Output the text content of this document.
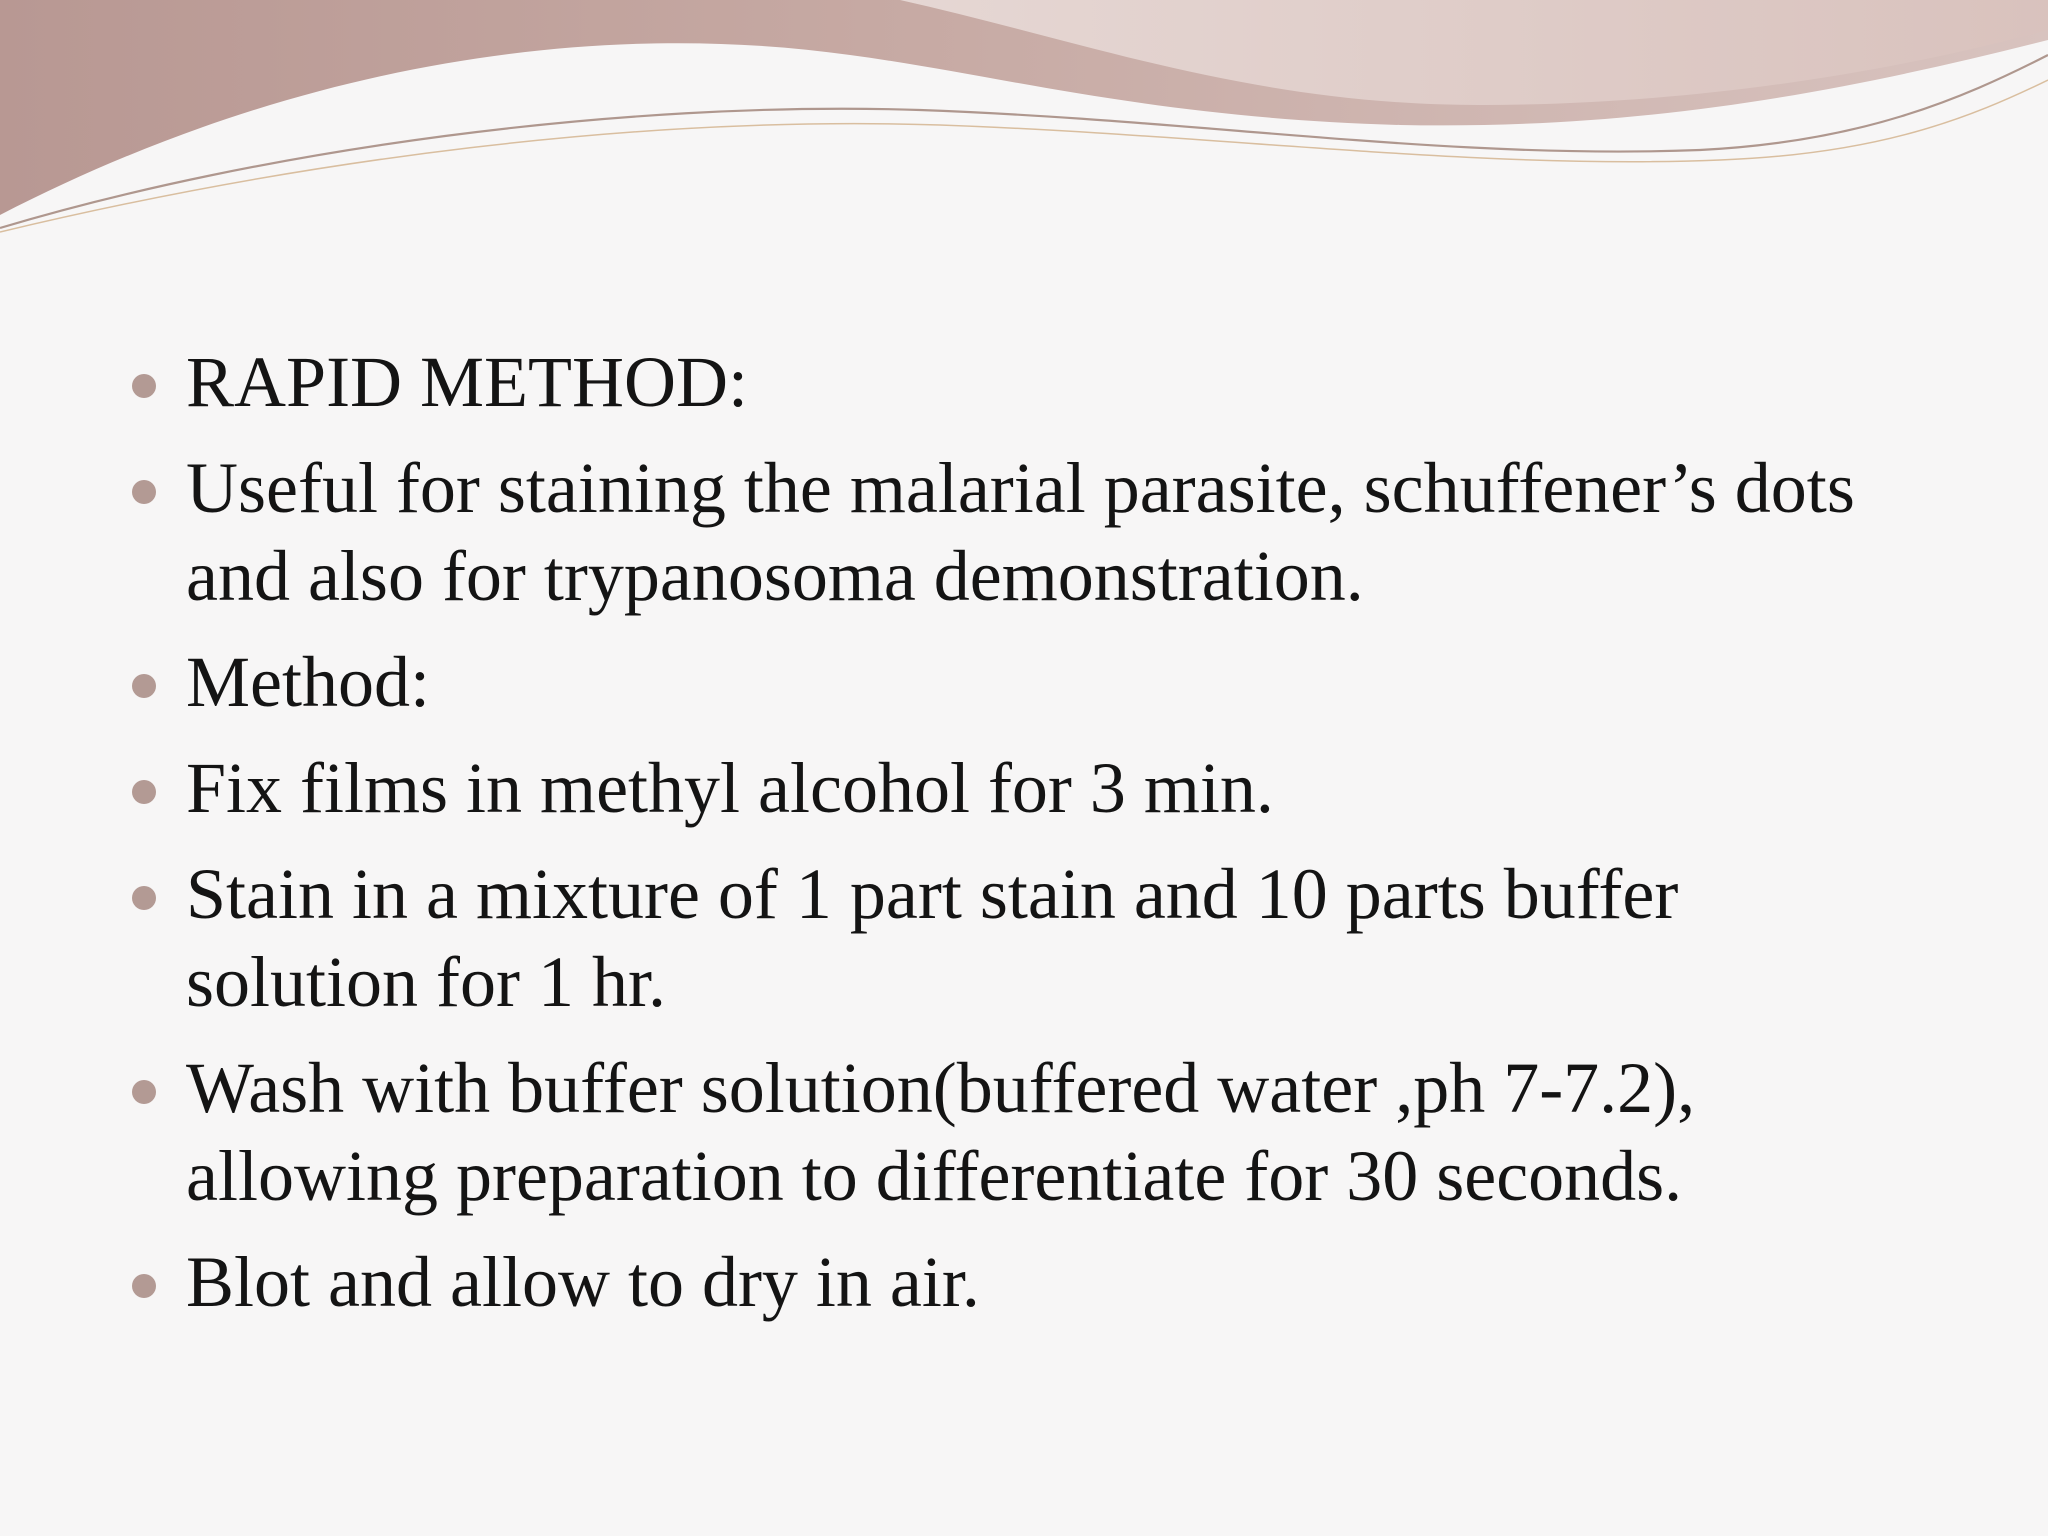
RAPID METHOD:
Useful for staining the malarial parasite, schuffener’s dots and also for trypanosoma demonstration.
Method:
Fix films in methyl alcohol for 3 min.
Stain in a mixture of 1 part stain and 10 parts buffer solution for 1 hr.
Wash with buffer solution(buffered water ,ph 7-7.2), allowing preparation to differentiate for 30 seconds.
Blot and allow to dry in air.
